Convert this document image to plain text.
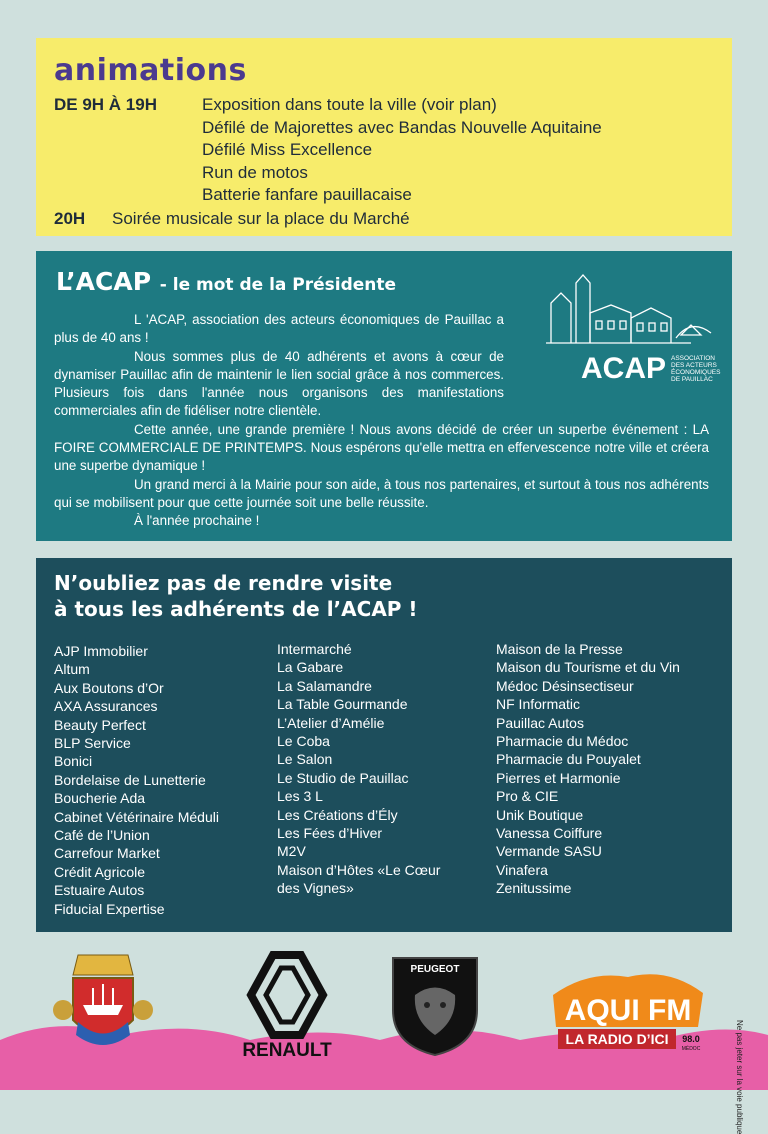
animations
DE 9H À 19H	Exposition dans toute la ville (voir plan)
Défilé de Majorettes avec Bandas Nouvelle Aquitaine
Défilé Miss Excellence
Run de motos
Batterie fanfare pauillacaise
20H	Soirée musicale sur la place du Marché
L’ACAP - le mot de la Présidente

L 'ACAP, association des acteurs économiques de Pauillac a plus de 40 ans !

Nous sommes plus de 40 adhérents et avons à cœur de dynamiser Pauillac afin de maintenir le lien social grâce à nos commerces. Plusieurs fois dans l'année nous organisons des manifestations commerciales afin de fidéliser notre clientèle.

Cette année, une grande première ! Nous avons décidé de créer un superbe événement : LA FOIRE COMMERCIALE DE PRINTEMPS. Nous espérons qu'elle mettra en effervescence notre ville et créera une superbe dynamique !

Un grand merci à la Mairie pour son aide, à tous nos partenaires, et surtout à tous nos adhérents qui se mobilisent pour que cette journée soit une belle réussite.

À l'année prochaine !

ACAP ASSOCIATION
DES ACTEURS
ÉCONOMIQUES
DE PAUILLAC
N’oubliez pas de rendre visite
à tous les adhérents de l’ACAP !
AJP Immobilier
Altum
Aux Boutons d’Or
AXA Assurances
Beauty Perfect
BLP Service
Bonici
Bordelaise de Lunetterie
Boucherie Ada
Cabinet Vétérinaire Méduli
Café de l’Union
Carrefour Market
Crédit Agricole
Estuaire Autos
Fiducial Expertise
Intermarché
La Gabare
La Salamandre
La Table Gourmande
L’Atelier d’Amélie
Le Coba
Le Salon
Le Studio de Pauillac
Les 3 L
Les Créations d’Ély
Les Fées d’Hiver
M2V
Maison d’Hôtes «Le Cœur
des Vignes»
Maison de la Presse
Maison du Tourisme et du Vin
Médoc Désinsectiseur
NF Informatic
Pauillac Autos
Pharmacie du Médoc
Pharmacie du Pouyalet
Pierres et Harmonie
Pro & CIE
Unik Boutique
Vanessa Coiffure
Vermande SASU
Vinafera
Zenitussime
RENAULT
PEUGEOT
AQUI FM
LA RADIO D’ICI 98.0
MÉDOC	Ne pas jeter sur la voie publique
